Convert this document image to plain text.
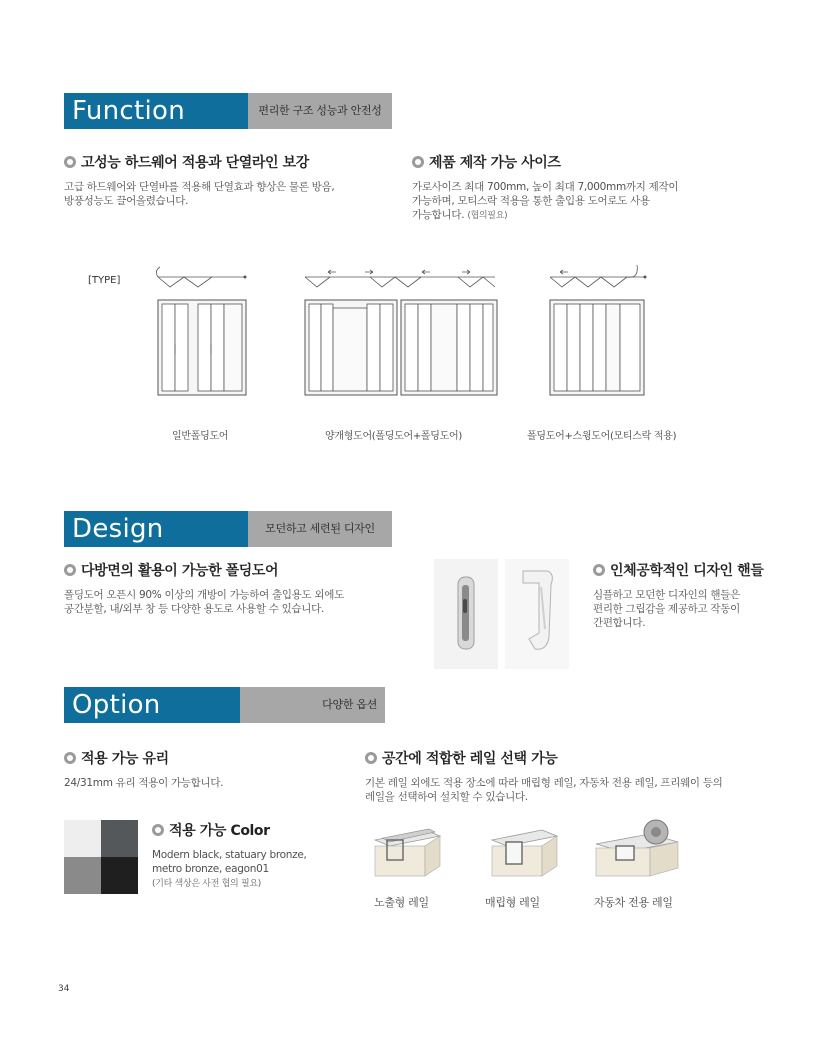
Function	편리한 구조 성능과 안전성
고성능 하드웨어 적용과 단열라인 보강
고급 하드웨어와 단열바를 적용해 단열효과 향상은 물론 방음,
방풍성능도 끌어올렸습니다.
제품 제작 가능 사이즈
가로사이즈 최대 700mm, 높이 최대 7,000mm까지 제작이
가능하며, 모티스락 적용을 통한 출입용 도어로도 사용
가능합니다. (협의필요)
[TYPE]
일반폴딩도어	양개형도어(폴딩도어+폴딩도어)	폴딩도어+스윙도어(모티스락 적용)
Design	모던하고 세련된 디자인
다방면의 활용이 가능한 폴딩도어
폴딩도어 오픈시 90% 이상의 개방이 가능하여 출입용도 외에도
공간분할, 내/외부 창 등 다양한 용도로 사용할 수 있습니다.
인체공학적인 디자인 핸들
심플하고 모던한 디자인의 핸들은
편리한 그립감을 제공하고 작동이
간편합니다.
Option	다양한 옵션
적용 가능 유리
24/31mm 유리 적용이 가능합니다.
공간에 적합한 레일 선택 가능
기본 레일 외에도 적용 장소에 따라 매립형 레일, 자동차 전용 레일, 프리웨이 등의
레일을 선택하여 설치할 수 있습니다.
적용 가능 Color
Modern black, statuary bronze,
metro bronze, eagon01
(기타 색상은 사전 협의 필요)
노출형 레일	매립형 레일	자동차 전용 레일
34
